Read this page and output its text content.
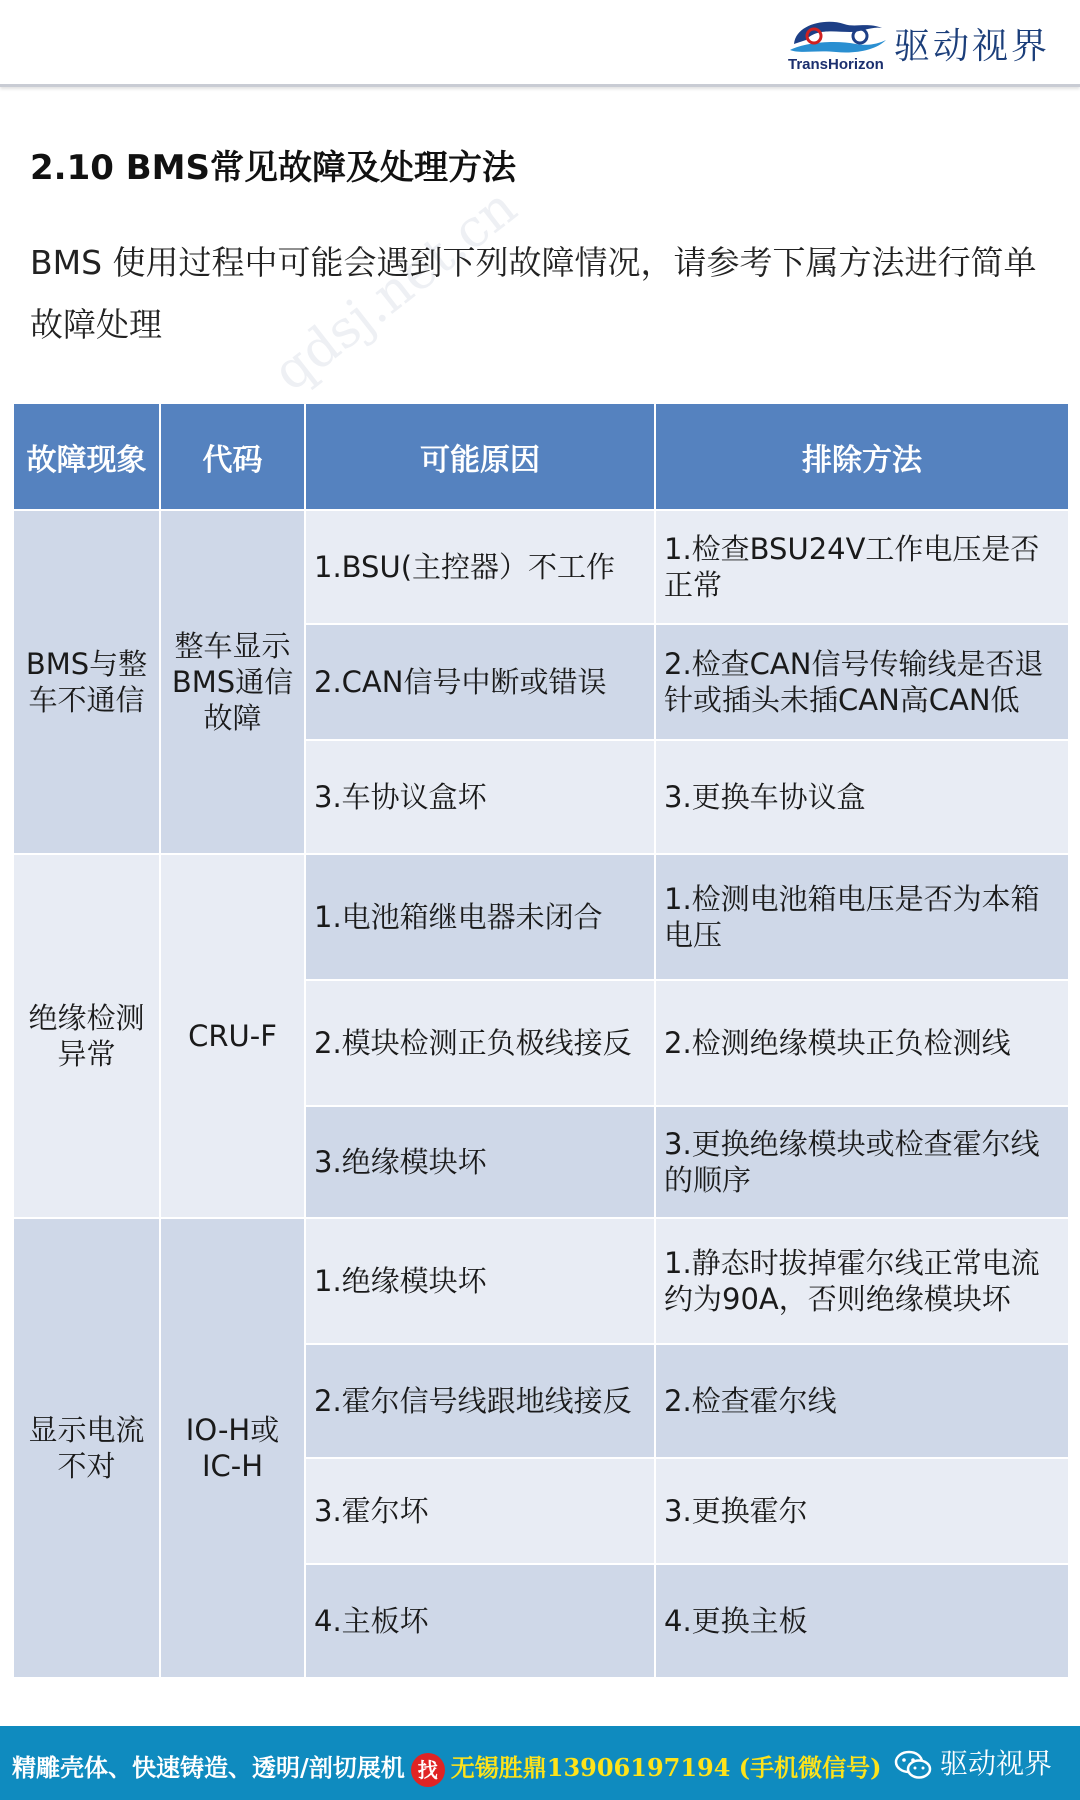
TransHorizon 驱动视界
qdsj.net.cn
2.10 BMS常见故障及处理方法
BMS 使用过程中可能会遇到下列故障情况，请参考下属方法进行简单故障处理
故障现象	代码	可能原因	排除方法
BMS与整车不通信	整车显示BMS通信故障	1.BSU(主控器）不工作	1.检查BSU24V工作电压是否正常
		2.CAN信号中断或错误	2.检查CAN信号传输线是否退针或插头未插CAN高CAN低
		3.车协议盒坏	3.更换车协议盒
绝缘检测异常	CRU-F	1.电池箱继电器未闭合	1.检测电池箱电压是否为本箱电压
		2.模块检测正负极线接反	2.检测绝缘模块正负检测线
		3.绝缘模块坏	3.更换绝缘模块或检查霍尔线的顺序
显示电流不对	IO-H或IC-H	1.绝缘模块坏	1.静态时拔掉霍尔线正常电流约为90A，否则绝缘模块坏
		2.霍尔信号线跟地线接反	2.检查霍尔线
		3.霍尔坏	3.更换霍尔
		4.主板坏	4.更换主板
精雕壳体、快速铸造、透明/剖切展机 找 无锡胜鼎13906197194 (手机微信号)	驱动视界
